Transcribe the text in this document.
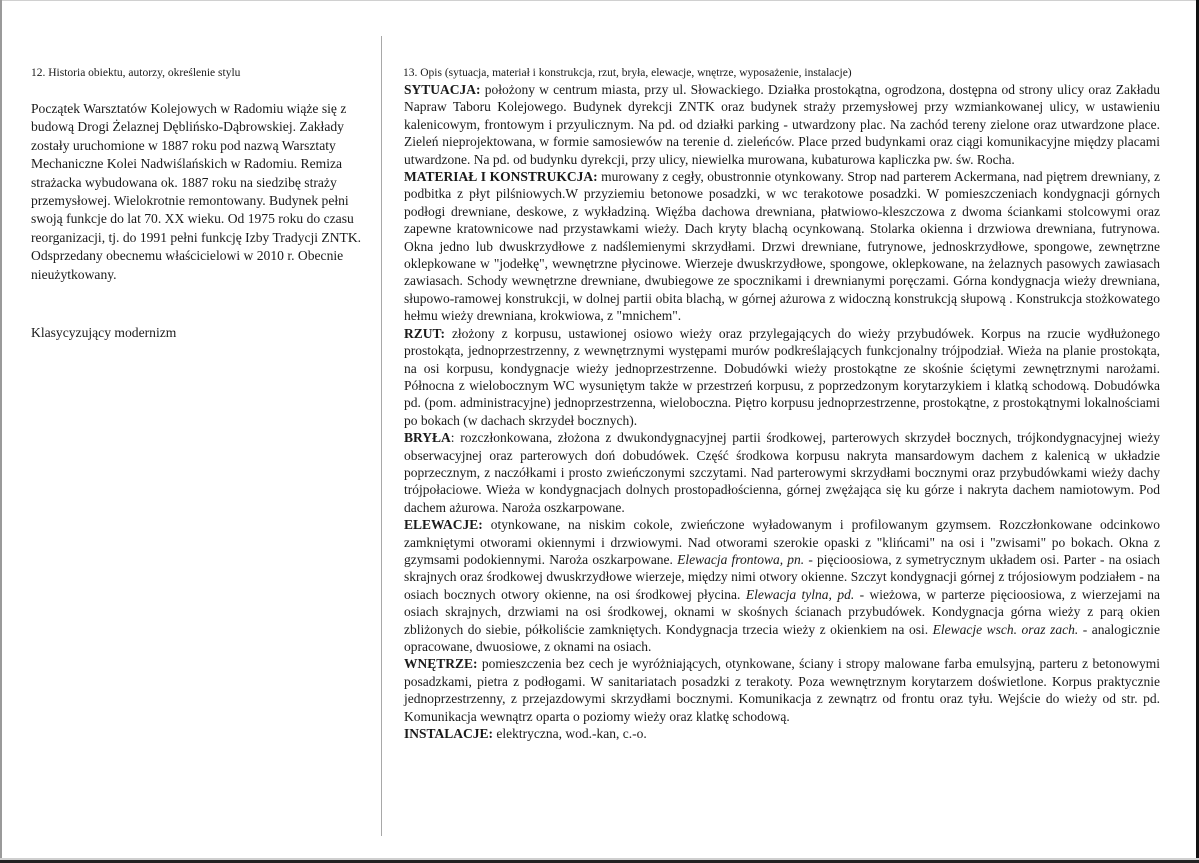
12. Historia obiektu, autorzy, określenie stylu

Początek Warsztatów Kolejowych w Radomiu wiąże się z budową Drogi Żelaznej Dęblińsko-Dąbrowskiej. Zakłady zostały uruchomione w 1887 roku pod nazwą Warsztaty Mechaniczne Kolei Nadwiślańskich w Radomiu. Remiza strażacka wybudowana ok. 1887 roku na siedzibę straży przemysłowej. Wielokrotnie remontowany. Budynek pełni swoją funkcje do lat 70. XX wieku. Od 1975 roku do czasu reorganizacji, tj. do 1991 pełni funkcję Izby Tradycji ZNTK. Odsprzedany obecnemu właścicielowi w 2010 r. Obecnie nieużytkowany.

Klasycyzujący modernizm

13. Opis (sytuacja, materiał i konstrukcja, rzut, bryła, elewacje, wnętrze, wyposażenie, instalacje)

SYTUACJA: położony w centrum miasta, przy ul. Słowackiego. Działka prostokątna, ogrodzona, dostępna od strony ulicy oraz Zakładu Napraw Taboru Kolejowego. Budynek dyrekcji ZNTK oraz budynek straży przemysłowej przy wzmiankowanej ulicy, w ustawieniu kalenicowym, frontowym i przyulicznym. Na pd. od działki parking - utwardzony plac. Na zachód tereny zielone oraz utwardzone place. Zieleń nieprojektowana, w formie samosiewów na terenie d. zieleńców. Place przed budynkami oraz ciągi komunikacyjne między placami utwardzone. Na pd. od budynku dyrekcji, przy ulicy, niewielka murowana, kubaturowa kapliczka pw. św. Rocha.

MATERIAŁ I KONSTRUKCJA: murowany z cegły, obustronnie otynkowany. Strop nad parterem Ackermana, nad piętrem drewniany, z podbitka z płyt pilśniowych.W przyziemiu betonowe posadzki, w wc terakotowe posadzki. W pomieszczeniach kondygnacji górnych podłogi drewniane, deskowe, z wykładziną. Więźba dachowa drewniana, płatwiowo-kleszczowa z dwoma ściankami stolcowymi oraz zapewne kratownicowe nad przystawkami wieży. Dach kryty blachą ocynkowaną. Stolarka okienna i drzwiowa drewniana, futrynowa. Okna jedno lub dwuskrzydłowe z nadślemienymi skrzydłami. Drzwi drewniane, futrynowe, jednoskrzydłowe, spongowe, zewnętrzne oklepkowane w "jodełkę", wewnętrzne płycinowe. Wierzeje dwuskrzydłowe, spongowe, oklepkowane, na żelaznych pasowych zawiasach zawiasach. Schody wewnętrzne drewniane, dwubiegowe ze spocznikami i drewnianymi poręczami. Górna kondygnacja wieży drewniana, słupowo-ramowej konstrukcji, w dolnej partii obita blachą, w górnej ażurowa z widoczną konstrukcją słupową . Konstrukcja stożkowatego hełmu wieży drewniana, krokwiowa, z "mnichem".

RZUT: złożony z korpusu, ustawionej osiowo wieży oraz przylegających do wieży przybudówek. Korpus na rzucie wydłużonego prostokąta, jednoprzestrzenny, z wewnętrznymi występami murów podkreślających funkcjonalny trójpodział. Wieża na planie prostokąta, na osi korpusu, kondygnacje wieży jednoprzestrzenne. Dobudówki wieży prostokątne ze skośnie ściętymi zewnętrznymi narożami. Północna z wielobocznym WC wysuniętym także w przestrzeń korpusu, z poprzedzonym korytarzykiem i klatką schodową. Dobudówka pd. (pom. administracyjne) jednoprzestrzenna, wieloboczna. Piętro korpusu jednoprzestrzenne, prostokątne, z prostokątnymi lokalnościami po bokach (w dachach skrzydeł bocznych).

BRYŁA: rozczłonkowana, złożona z dwukondygnacyjnej partii środkowej, parterowych skrzydeł bocznych, trójkondygnacyjnej wieży obserwacyjnej oraz parterowych doń dobudówek. Część środkowa korpusu nakryta mansardowym dachem z kalenicą w układzie poprzecznym, z naczółkami i prosto zwieńczonymi szczytami. Nad parterowymi skrzydłami bocznymi oraz przybudówkami wieży dachy trójpołaciowe. Wieża w kondygnacjach dolnych prostopadłościenna, górnej zwężająca się ku górze i nakryta dachem namiotowym. Pod dachem ażurowa. Naroża oszkarpowane.

ELEWACJE: otynkowane, na niskim cokole, zwieńczone wyładowanym i profilowanym gzymsem. Rozczłonkowane odcinkowo zamkniętymi otworami okiennymi i drzwiowymi. Nad otworami szerokie opaski z "klińcami" na osi i "zwisami" po bokach. Okna z gzymsami podokiennymi. Naroża oszkarpowane. Elewacja frontowa, pn. - pięcioosiowa, z symetrycznym układem osi. Parter - na osiach skrajnych oraz środkowej dwuskrzydłowe wierzeje, między nimi otwory okienne. Szczyt kondygnacji górnej z trójosiowym podziałem - na osiach bocznych otwory okienne, na osi środkowej płycina. Elewacja tylna, pd. - wieżowa, w parterze pięcioosiowa, z wierzejami na osiach skrajnych, drzwiami na osi środkowej, oknami w skośnych ścianach przybudówek. Kondygnacja górna wieży z parą okien zbliżonych do siebie, półkoliście zamkniętych. Kondygnacja trzecia wieży z okienkiem na osi. Elewacje wsch. oraz zach. - analogicznie opracowane, dwuosiowe, z oknami na osiach.

WNĘTRZE: pomieszczenia bez cech je wyróżniających, otynkowane, ściany i stropy malowane farba emulsyjną, parteru z betonowymi posadzkami, pietra z podłogami. W sanitariatach posadzki z terakoty. Poza wewnętrznym korytarzem doświetlone. Korpus praktycznie jednoprzestrzenny, z przejazdowymi skrzydłami bocznymi. Komunikacja z zewnątrz od frontu oraz tyłu. Wejście do wieży od str. pd. Komunikacja wewnątrz oparta o poziomy wieży oraz klatkę schodową.

INSTALACJE: elektryczna, wod.-kan, c.-o.
